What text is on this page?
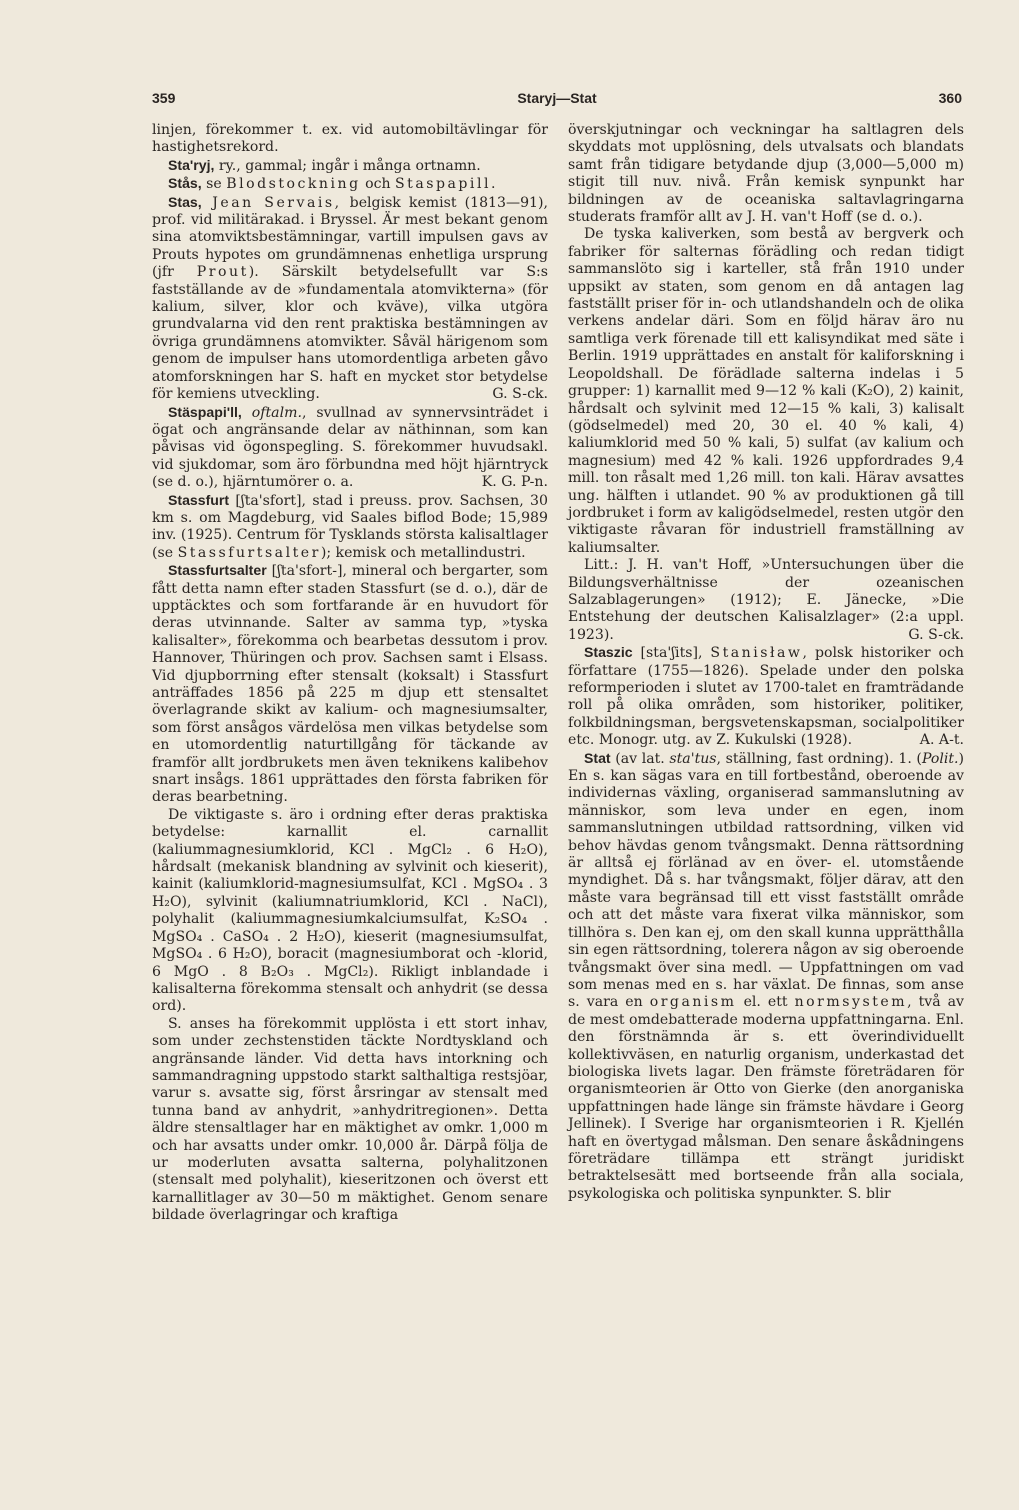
359	Staryj—Stat	360

linjen, förekommer t. ex. vid automobiltävlingar för hastighetsrekord.

Sta'ryj, ry., gammal; ingår i många ortnamn.

Stås, se Blodstockning och Staspapill.

Stas, Jean Servais, belgisk kemist (1813—91), prof. vid militärakad. i Bryssel. Är mest bekant genom sina atomviktsbestämningar, vartill impulsen gavs av Prouts hypotes om grundämnenas enhetliga ursprung (jfr Prout). Särskilt betydelsefullt var S:s fastställande av de »fundamentala atomvikterna» (för kalium, silver, klor och kväve), vilka utgöra grundvalarna vid den rent praktiska bestämningen av övriga grundämnens atomvikter. Såväl härigenom som genom de impulser hans utomordentliga arbeten gåvo atomforskningen har S. haft en mycket stor betydelse för kemiens utveckling.	G. S-ck.

Stäspapi'll, oftalm., svullnad av synnervsinträdet i ögat och angränsande delar av näthinnan, som kan påvisas vid ögonspegling. S. förekommer huvudsakl. vid sjukdomar, som äro förbundna med höjt hjärntryck (se d. o.), hjärntumörer o. a.	K. G. P-n.

Stassfurt [ʃta'sfort], stad i preuss. prov. Sachsen, 30 km s. om Magdeburg, vid Saales biflod Bode; 15,989 inv. (1925). Centrum för Tysklands största kalisaltlager (se Stassfurtsalter); kemisk och metallindustri.

Stassfurtsalter [ʃta'sfort-], mineral och bergarter, som fått detta namn efter staden Stassfurt (se d. o.), där de upptäcktes och som fortfarande är en huvudort för deras utvinnande. Salter av samma typ, »tyska kalisalter», förekomma och bearbetas dessutom i prov. Hannover, Thüringen och prov. Sachsen samt i Elsass. Vid djupborrning efter stensalt (koksalt) i Stassfurt anträffades 1856 på 225 m djup ett stensaltet överlagrande skikt av kalium- och magnesiumsalter, som först ansågos värdelösa men vilkas betydelse som en utomordentlig naturtillgång för täckande av framför allt jordbrukets men även teknikens kalibehov snart insågs. 1861 upprättades den första fabriken för deras bearbetning.

De viktigaste s. äro i ordning efter deras praktiska betydelse: karnallit el. carnallit (kaliummagnesiumklorid, KCl . MgCl₂ . 6 H₂O), hårdsalt (mekanisk blandning av sylvinit och kieserit), kainit (kaliumklorid-magnesiumsulfat, KCl . MgSO₄ . 3 H₂O), sylvinit (kaliumnatriumklorid, KCl . NaCl), polyhalit (kaliummagnesiumkalciumsulfat, K₂SO₄ . MgSO₄ . CaSO₄ . 2 H₂O), kieserit (magnesiumsulfat, MgSO₄ . 6 H₂O), boracit (magnesiumborat och -klorid, 6 MgO . 8 B₂O₃ . MgCl₂). Rikligt inblandade i kalisalterna förekomma stensalt och anhydrit (se dessa ord).

S. anses ha förekommit upplösta i ett stort inhav, som under zechstenstiden täckte Nordtyskland och angränsande länder. Vid detta havs intorkning och sammandragning uppstodo starkt salthaltiga restsjöar, varur s. avsatte sig, först årsringar av stensalt med tunna band av anhydrit, »anhydritregionen». Detta äldre stensaltlager har en mäktighet av omkr. 1,000 m och har avsatts under omkr. 10,000 år. Därpå följa de ur moderluten avsatta salterna, polyhalitzonen (stensalt med polyhalit), kieseritzonen och överst ett karnallitlager av 30—50 m mäktighet. Genom senare bildade överlagringar och kraftiga

överskjutningar och veckningar ha saltlagren dels skyddats mot upplösning, dels utvalsats och blandats samt från tidigare betydande djup (3,000—5,000 m) stigit till nuv. nivå. Från kemisk synpunkt har bildningen av de oceaniska saltavlagringarna studerats framför allt av J. H. van't Hoff (se d. o.).

De tyska kaliverken, som bestå av bergverk och fabriker för salternas förädling och redan tidigt sammanslöto sig i karteller, stå från 1910 under uppsikt av staten, som genom en då antagen lag fastställt priser för in- och utlandshandeln och de olika verkens andelar däri. Som en följd härav äro nu samtliga verk förenade till ett kalisyndikat med säte i Berlin. 1919 upprättades en anstalt för kaliforskning i Leopoldshall. De förädlade salterna indelas i 5 grupper: 1) karnallit med 9—12 % kali (K₂O), 2) kainit, hårdsalt och sylvinit med 12—15 % kali, 3) kalisalt (gödselmedel) med 20, 30 el. 40 % kali, 4) kaliumklorid med 50 % kali, 5) sulfat (av kalium och magnesium) med 42 % kali. 1926 uppfordrades 9,4 mill. ton råsalt med 1,26 mill. ton kali. Härav avsattes ung. hälften i utlandet. 90 % av produktionen gå till jordbruket i form av kaligödselmedel, resten utgör den viktigaste råvaran för industriell framställning av kaliumsalter.

Litt.: J. H. van't Hoff, »Untersuchungen über die Bildungsverhältnisse der ozeanischen Salzablagerungen» (1912); E. Jänecke, »Die Entstehung der deutschen Kalisalzlager» (2:a uppl. 1923).	G. S-ck.

Staszic [sta'ʃits], Stanisław, polsk historiker och författare (1755—1826). Spelade under den polska reformperioden i slutet av 1700-talet en framträdande roll på olika områden, som historiker, politiker, folkbildningsman, bergsvetenskapsman, socialpolitiker etc. Monogr. utg. av Z. Kukulski (1928).	A. A-t.

Stat (av lat. sta'tus, ställning, fast ordning). 1. (Polit.) En s. kan sägas vara en till fortbestånd, oberoende av individernas växling, organiserad sammanslutning av människor, som leva under en egen, inom sammanslutningen utbildad rattsordning, vilken vid behov hävdas genom tvångsmakt. Denna rättsordning är alltså ej förlänad av en över- el. utomstående myndighet. Då s. har tvångsmakt, följer därav, att den måste vara begränsad till ett visst fastställt område och att det måste vara fixerat vilka människor, som tillhöra s. Den kan ej, om den skall kunna upprätthålla sin egen rättsordning, tolerera någon av sig oberoende tvångsmakt över sina medl. — Uppfattningen om vad som menas med en s. har växlat. De finnas, som anse s. vara en organism el. ett normsystem, två av de mest omdebatterade moderna uppfattningarna. Enl. den förstnämnda är s. ett överindividuellt kollektivväsen, en naturlig organism, underkastad det biologiska livets lagar. Den främste företrädaren för organismteorien är Otto von Gierke (den anorganiska uppfattningen hade länge sin främste hävdare i Georg Jellinek). I Sverige har organismteorien i R. Kjellén haft en övertygad målsman. Den senare åskådningens företrädare tillämpa ett strängt juridiskt betraktelsesätt med bortseende från alla sociala, psykologiska och politiska synpunkter. S. blir
